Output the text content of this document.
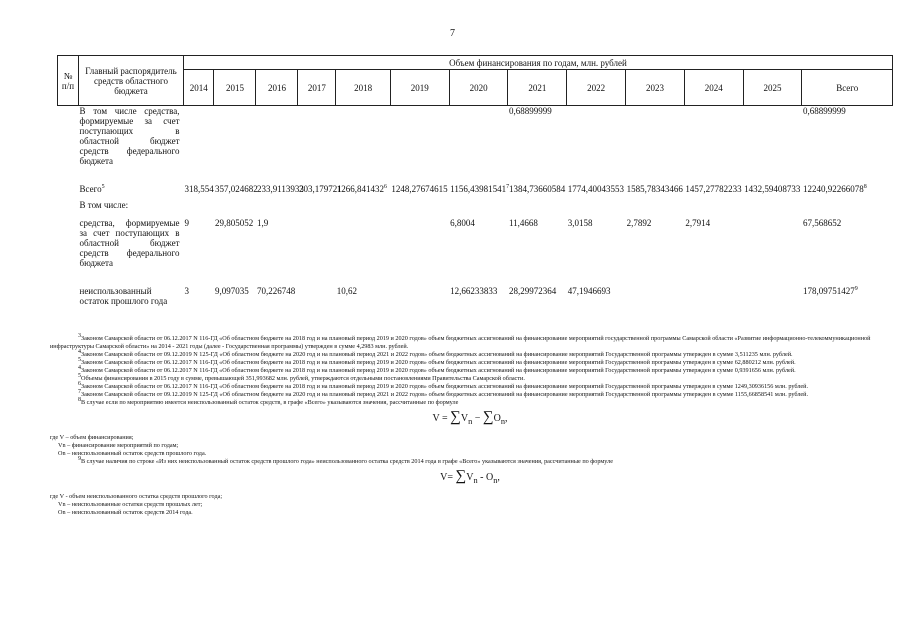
7
№ п/п	Главный распорядитель средств областного бюджета	Объем финансирования по годам, млн. рублей												
		2014	2015	2016	2017	2018	2019	2020	2021	2022	2023	2024	2025	Всего
	В том числе средства, формируемые за счет поступающих в областной бюджет средств федерального бюджета								0,68899999					0,68899999
	Всего$^5$	318,554	357,024682	233,9113933	203,179721	1266,841432$^6$	1248,27674615	1156,43981541$^7$	1384,73660584	1774,40043553	1585,78343466	1457,27782233	1432,59408733	12240,92266078$^8$
	В том числе:													
	средства, формируемые за счет поступающих в областной бюджет средств федерального бюджета	9	29,805052	1,9				6,8004	11,4668	3,0158	2,7892	2,7914		67,568652
	неиспользованный остаток прошлого года	3	9,097035	70,226748		10,62		12,66233833	28,29972364	47,1946693				178,09751427$^9$

$^3$Законом Самарской области от 06.12.2017 N 116-ГД «Об областном бюджете на 2018 год и на плановый период 2019 и 2020 годов» объем бюджетных ассигнований на финансирование мероприятий государственной программы Самарской области «Развитие информационно-телекоммуникационной инфраструктуры Самарской области» на 2014 - 2021 годы (далее - Государственная программы) утвержден в сумме 4,2983 млн. рублей.

$^4$Законом Самарской области от 09.12.2019 N 125-ГД «Об областном бюджете на 2020 год и на плановый период 2021 и 2022 годов» объем бюджетных ассигнований на финансирование мероприятий Государственной программы утвержден в сумме 3,511235 млн. рублей.

$^5$Законом Самарской области от 06.12.2017 N 116-ГД «Об областном бюджете на 2018 год и на плановый период 2019 и 2020 годов» объем бюджетных ассигнований на финансирование мероприятий Государственной программы утвержден в сумме 62,880212 млн. рублей.

$^4$Законом Самарской области от 06.12.2017 N 116-ГД «Об областном бюджете на 2018 год и на плановый период 2019 и 2020 годов» объем бюджетных ассигнований на финансирование мероприятий Государственной программы утвержден в сумме 0,9391656 млн. рублей.

$^5$Объемы финансирования в 2015 году в сумме, превышающей 351,993682 млн. рублей, утверждаются отдельными постановлениями Правительства Самарской области.

$^6$Законом Самарской области от 06.12.2017 N 116-ГД «Об областном бюджете на 2018 год и на плановый период 2019 и 2020 годов» объем бюджетных ассигнований на финансирование мероприятий Государственной программы утвержден в сумме 1249,30936156 млн. рублей.

$^7$Законом Самарской области от 09.12.2019 N 125-ГД «Об областном бюджете на 2020 год и на плановый период 2021 и 2022 годов» объем бюджетных ассигнований на финансирование мероприятий Государственной программы утвержден в сумме 1155,66858541 млн. рублей.

$^8$В случае если по мероприятию имеется неиспользованный остаток средств, в графе «Всего» указываются значения, рассчитанные по формуле

$V = \sum V_n - \sum O_n$,

где V – объем финансирования;

Vn – финансирование мероприятий по годам;

On – неиспользованный остаток средств прошлого года.

$^9$В случае наличия по строке «Из них неиспользованный остаток средств прошлого года» неиспользованного остатка средств 2014 года в графе «Всего» указываются значения, рассчитанные по формуле

$V= \sum V_n - O_n$,

где V - объем неиспользованного остатка средств прошлого года;

Vn – неиспользованные остатки средств прошлых лет;

On – неиспользованный остаток средств 2014 года.
